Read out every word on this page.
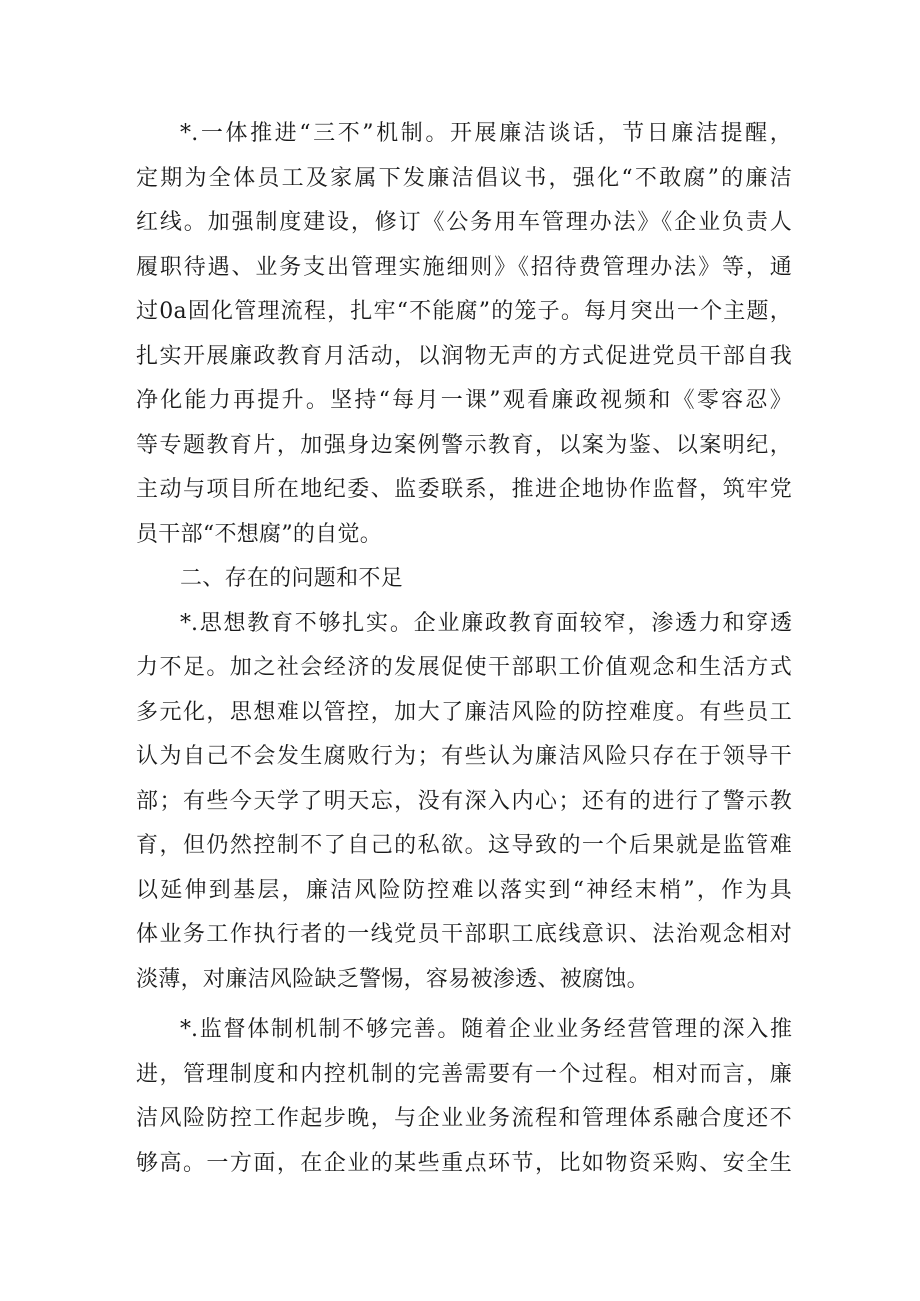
*.一体推进“三不”机制。开展廉洁谈话，节日廉洁提醒，
定期为全体员工及家属下发廉洁倡议书，强化“不敢腐”的廉洁
红线。加强制度建设，修订《公务用车管理办法》《企业负责人
履职待遇、业务支出管理实施细则》《招待费管理办法》等，通
过0a固化管理流程，扎牢“不能腐”的笼子。每月突出一个主题，
扎实开展廉政教育月活动，以润物无声的方式促进党员干部自我
净化能力再提升。坚持“每月一课”观看廉政视频和《零容忍》
等专题教育片，加强身边案例警示教育，以案为鉴、以案明纪，
主动与项目所在地纪委、监委联系，推进企地协作监督，筑牢党
员干部“不想腐”的自觉。
二、存在的问题和不足
*.思想教育不够扎实。企业廉政教育面较窄，渗透力和穿透
力不足。加之社会经济的发展促使干部职工价值观念和生活方式
多元化，思想难以管控，加大了廉洁风险的防控难度。有些员工
认为自己不会发生腐败行为；有些认为廉洁风险只存在于领导干
部；有些今天学了明天忘，没有深入内心；还有的进行了警示教
育，但仍然控制不了自己的私欲。这导致的一个后果就是监管难
以延伸到基层，廉洁风险防控难以落实到“神经末梢”，作为具
体业务工作执行者的一线党员干部职工底线意识、法治观念相对
淡薄，对廉洁风险缺乏警惕，容易被渗透、被腐蚀。
*.监督体制机制不够完善。随着企业业务经营管理的深入推
进，管理制度和内控机制的完善需要有一个过程。相对而言，廉
洁风险防控工作起步晚，与企业业务流程和管理体系融合度还不
够高。一方面，在企业的某些重点环节，比如物资采购、安全生
